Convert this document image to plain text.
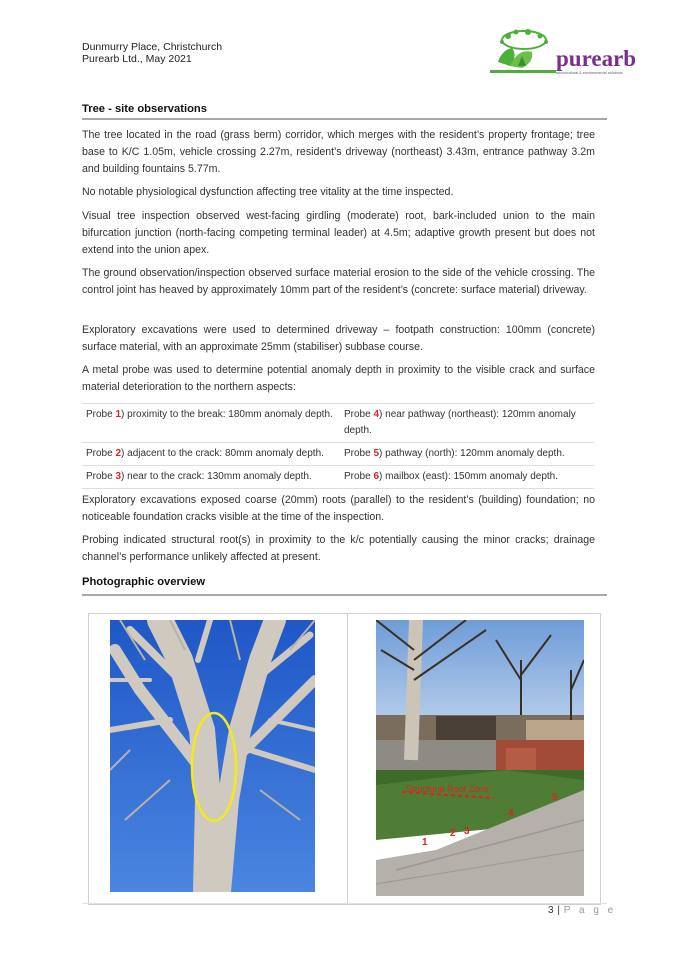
Dunmurry Place, Christchurch
Purearb Ltd., May 2021	purearb
arboricultural & environmental solutions
Tree - site observations
The tree located in the road (grass berm) corridor, which merges with the resident’s property frontage; tree base to K/C 1.05m, vehicle crossing 2.27m, resident’s driveway (northeast) 3.43m, entrance pathway 3.2m and building fountains 5.77m.
No notable physiological dysfunction affecting tree vitality at the time inspected.
Visual tree inspection observed west-facing girdling (moderate) root, bark-included union to the main bifurcation junction (north-facing competing terminal leader) at 4.5m; adaptive growth present but does not extend into the union apex.
The ground observation/inspection observed surface material erosion to the side of the vehicle crossing. The control joint has heaved by approximately 10mm part of the resident’s (concrete: surface material) driveway.
Exploratory excavations were used to determined driveway – footpath construction: 100mm (concrete) surface material, with an approximate 25mm (stabiliser) subbase course.
A metal probe was used to determine potential anomaly depth in proximity to the visible crack and surface material deterioration to the northern aspects:
Probe 1) proximity to the break: 180mm anomaly depth.	Probe 4) near pathway (northeast): 120mm anomaly depth.
Probe 2) adjacent to the crack: 80mm anomaly depth.	Probe 5) pathway (north): 120mm anomaly depth.
Probe 3) near to the crack: 130mm anomaly depth.	Probe 6) mailbox (east): 150mm anomaly depth.
Exploratory excavations exposed coarse (20mm) roots (parallel) to the resident’s (building) foundation; no noticeable foundation cracks visible at the time of the inspection.
Probing indicated structural root(s) in proximity to the k/c potentially causing the minor cracks; drainage channel’s performance unlikely affected at present.
Photographic overview
Structural Root Zone
1
2 3
4
5
3 | P a g e
